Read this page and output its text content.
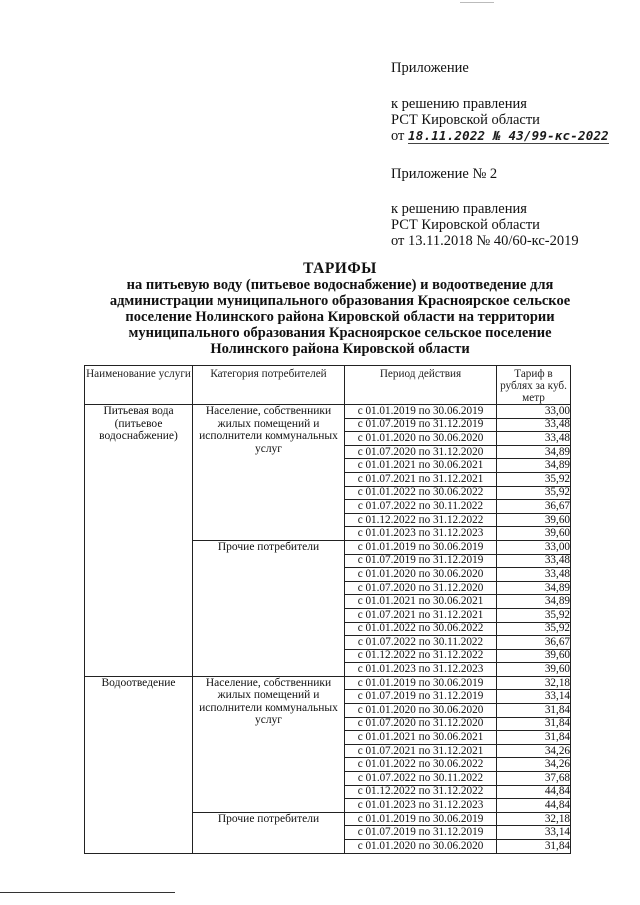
Приложение
к решению правления
РСТ Кировской области
от 18.11.2022 № 43/99-кс-2022
Приложение № 2
к решению правления
РСТ Кировской области
от 13.11.2018 № 40/60-кс-2019
ТАРИФЫ
на питьевую воду (питьевое водоснабжение) и водоотведение для
администрации муниципального образования Красноярское сельское
поселение Нолинского района Кировской области на территории
муниципального образования Красноярское сельское поселение
Нолинского района Кировской области
Наименование услуги	Категория потребителей	Период действия	Тариф в рублях за куб. метр
Питьевая вода (питьевое водоснабжение)	Население, собственники жилых помещений и исполнители коммунальных услуг	с 01.01.2019 по 30.06.2019	33,00
		с 01.07.2019 по 31.12.2019	33,48
		с 01.01.2020 по 30.06.2020	33,48
		с 01.07.2020 по 31.12.2020	34,89
		с 01.01.2021 по 30.06.2021	34,89
		с 01.07.2021 по 31.12.2021	35,92
		с 01.01.2022 по 30.06.2022	35,92
		с 01.07.2022 по 30.11.2022	36,67
		с 01.12.2022 по 31.12.2022	39,60
		с 01.01.2023 по 31.12.2023	39,60
	Прочие потребители	с 01.01.2019 по 30.06.2019	33,00
		с 01.07.2019 по 31.12.2019	33,48
		с 01.01.2020 по 30.06.2020	33,48
		с 01.07.2020 по 31.12.2020	34,89
		с 01.01.2021 по 30.06.2021	34,89
		с 01.07.2021 по 31.12.2021	35,92
		с 01.01.2022 по 30.06.2022	35,92
		с 01.07.2022 по 30.11.2022	36,67
		с 01.12.2022 по 31.12.2022	39,60
		с 01.01.2023 по 31.12.2023	39,60
Водоотведение	Население, собственники жилых помещений и исполнители коммунальных услуг	с 01.01.2019 по 30.06.2019	32,18
		с 01.07.2019 по 31.12.2019	33,14
		с 01.01.2020 по 30.06.2020	31,84
		с 01.07.2020 по 31.12.2020	31,84
		с 01.01.2021 по 30.06.2021	31,84
		с 01.07.2021 по 31.12.2021	34,26
		с 01.01.2022 по 30.06.2022	34,26
		с 01.07.2022 по 30.11.2022	37,68
		с 01.12.2022 по 31.12.2022	44,84
		с 01.01.2023 по 31.12.2023	44,84
	Прочие потребители	с 01.01.2019 по 30.06.2019	32,18
		с 01.07.2019 по 31.12.2019	33,14
		с 01.01.2020 по 30.06.2020	31,84
